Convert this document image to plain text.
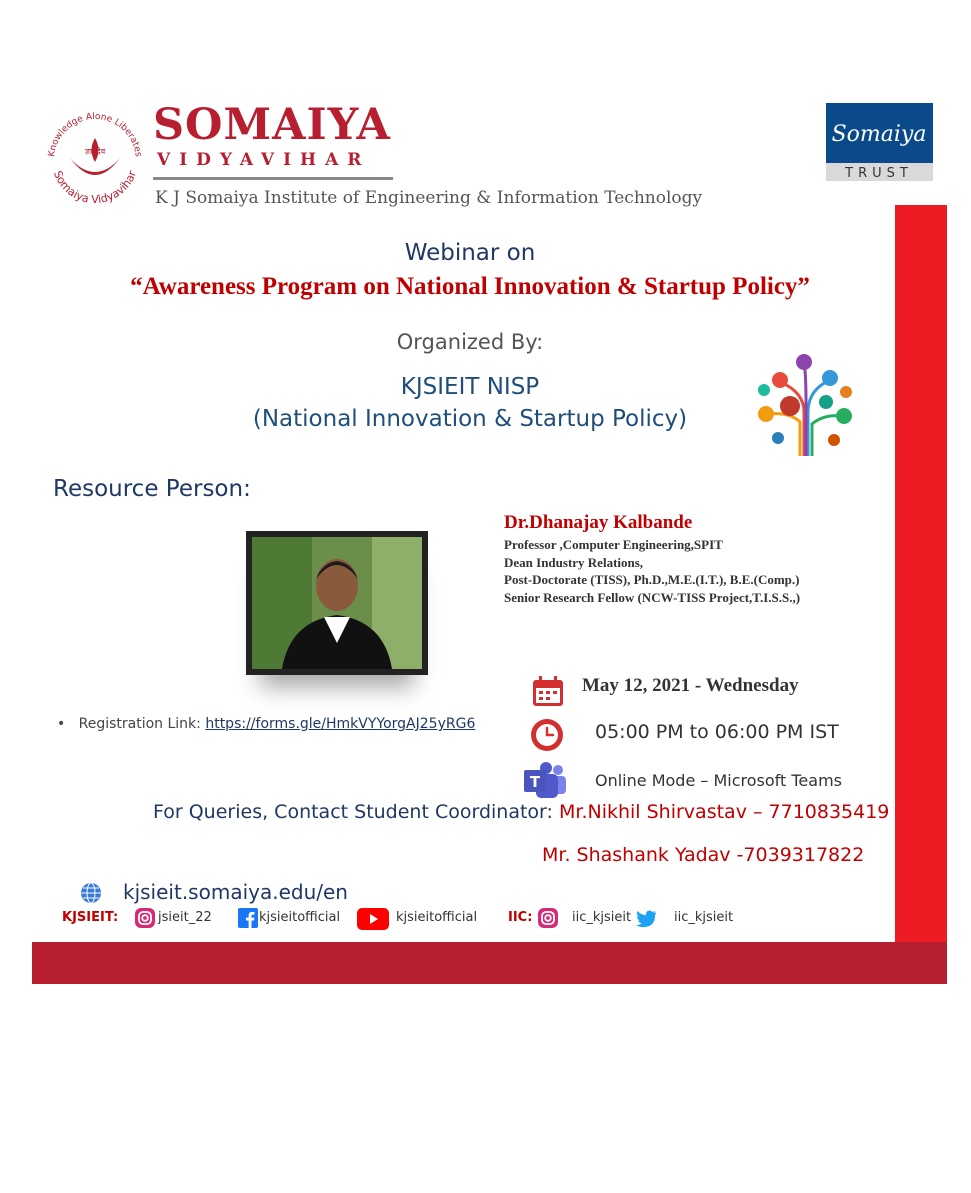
Knowledge Alone Liberates
Somaiya Vidyavihar
ज्ञानदेव
SOMAIYA
VIDYAVIHAR
K J Somaiya Institute of Engineering & Information Technology
Somaiya
TRUST
Webinar on
“Awareness Program on National Innovation & Startup Policy”
Organized By:
KJSIEIT NISP
(National Innovation & Startup Policy)
Resource Person:
Dr.Dhanajay Kalbande
Professor ,Computer Engineering,SPIT
Dean Industry Relations,
Post-Doctorate (TISS), Ph.D.,M.E.(I.T.), B.E.(Comp.)
Senior Research Fellow (NCW-TISS Project,T.I.S.S.,)
•   Registration Link: https://forms.gle/HmkVYYorgAJ25yRG6
May 12, 2021 - Wednesday
05:00 PM to 06:00 PM IST
T	Online Mode – Microsoft Teams
For Queries, Contact Student Coordinator: Mr.Nikhil Shirvastav – 7710835419
Mr. Shashank Yadav -7039317822
kjsieit.somaiya.edu/en
KJSIEIT:	jsieit_22	kjsieitofficial	kjsieitofficial IIC:	iic_kjsieit	iic_kjsieit
